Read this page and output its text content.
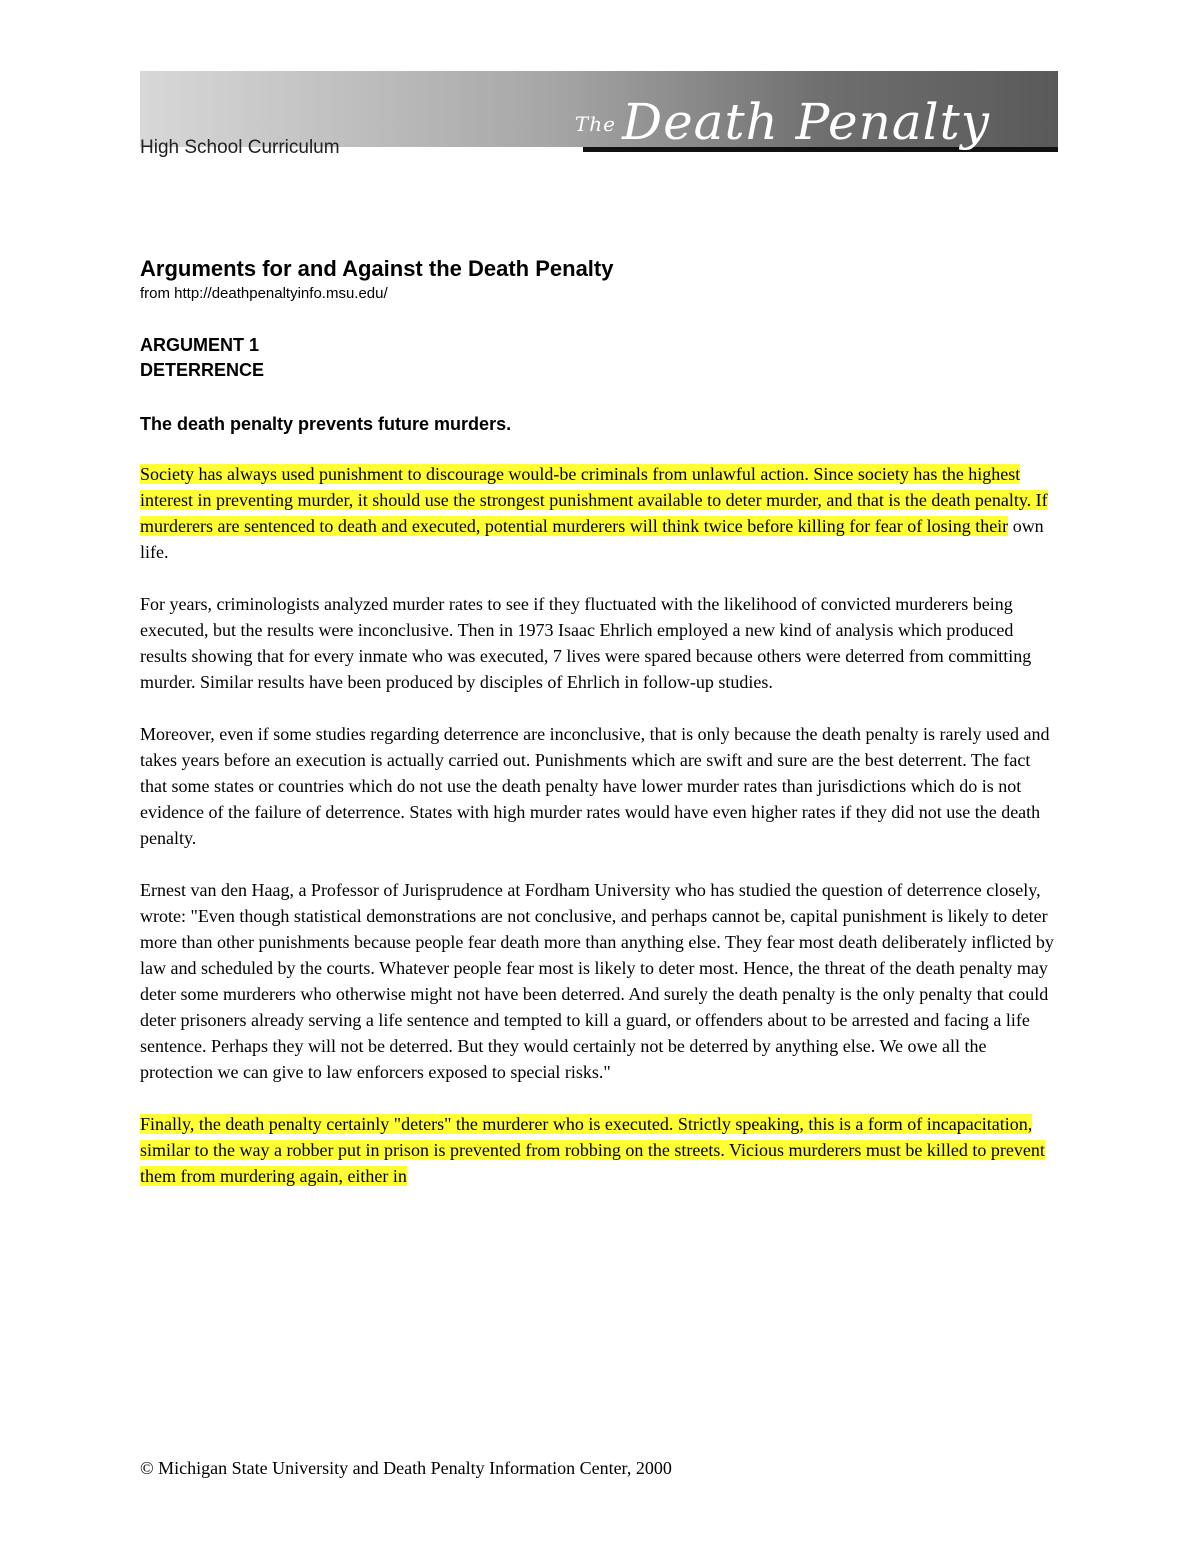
The Death Penalty
High School Curriculum
Arguments for and Against the Death Penalty
from http://deathpenaltyinfo.msu.edu/
ARGUMENT 1
DETERRENCE
The death penalty prevents future murders.
Society has always used punishment to discourage would-be criminals from unlawful action. Since society has the highest interest in preventing murder, it should use the strongest punishment available to deter murder, and that is the death penalty. If murderers are sentenced to death and executed, potential murderers will think twice before killing for fear of losing their own life.
For years, criminologists analyzed murder rates to see if they fluctuated with the likelihood of convicted murderers being executed, but the results were inconclusive. Then in 1973 Isaac Ehrlich employed a new kind of analysis which produced results showing that for every inmate who was executed, 7 lives were spared because others were deterred from committing murder. Similar results have been produced by disciples of Ehrlich in follow-up studies.
Moreover, even if some studies regarding deterrence are inconclusive, that is only because the death penalty is rarely used and takes years before an execution is actually carried out. Punishments which are swift and sure are the best deterrent. The fact that some states or countries which do not use the death penalty have lower murder rates than jurisdictions which do is not evidence of the failure of deterrence. States with high murder rates would have even higher rates if they did not use the death penalty.
Ernest van den Haag, a Professor of Jurisprudence at Fordham University who has studied the question of deterrence closely, wrote: "Even though statistical demonstrations are not conclusive, and perhaps cannot be, capital punishment is likely to deter more than other punishments because people fear death more than anything else. They fear most death deliberately inflicted by law and scheduled by the courts. Whatever people fear most is likely to deter most. Hence, the threat of the death penalty may deter some murderers who otherwise might not have been deterred. And surely the death penalty is the only penalty that could deter prisoners already serving a life sentence and tempted to kill a guard, or offenders about to be arrested and facing a life sentence. Perhaps they will not be deterred. But they would certainly not be deterred by anything else. We owe all the protection we can give to law enforcers exposed to special risks."
Finally, the death penalty certainly "deters" the murderer who is executed. Strictly speaking, this is a form of incapacitation, similar to the way a robber put in prison is prevented from robbing on the streets. Vicious murderers must be killed to prevent them from murdering again, either in
© Michigan State University and Death Penalty Information Center, 2000
